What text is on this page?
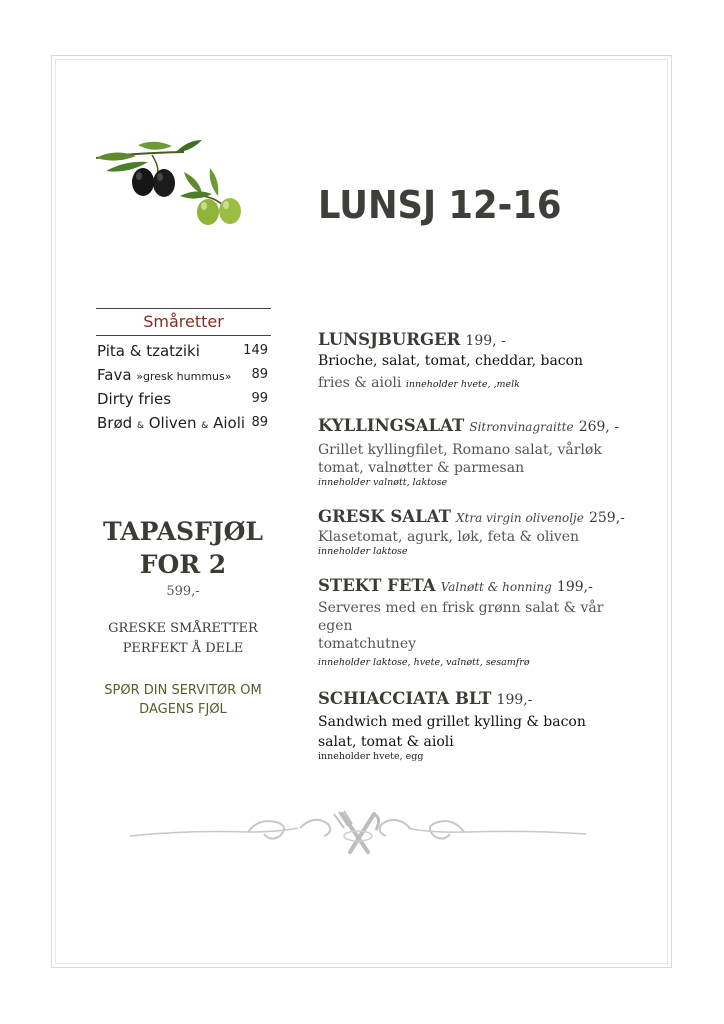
LUNSJ 12-16
Småretter
Pita & tzatziki	149
Fava »gresk hummus» 89
Dirty fries	99
Brød & Oliven & Aioli 89
TAPASFJØL
FOR 2
599,-
GRESKE SMÅRETTER
PERFEKT Å DELE
SPØR DIN SERVITØR OM
DAGENS FJØL
LUNSJBURGER 199, -
Brioche, salat, tomat, cheddar, bacon
fries & aioli inneholder hvete, ,melk
KYLLINGSALAT Sitronvinagraitte 269, -
Grillet kyllingfilet, Romano salat, vårløk
tomat, valnøtter & parmesan
inneholder valnøtt, laktose
GRESK SALAT Xtra virgin olivenolje 259,-
Klasetomat, agurk, løk, feta & oliven
inneholder laktose
STEKT FETA Valnøtt & honning 199,-
Serveres med en frisk grønn salat & vår egen
tomatchutney
inneholder laktose, hvete, valnøtt, sesamfrø
SCHIACCIATA BLT 199,-
Sandwich med grillet kylling & bacon
salat, tomat & aioli
inneholder hvete, egg
